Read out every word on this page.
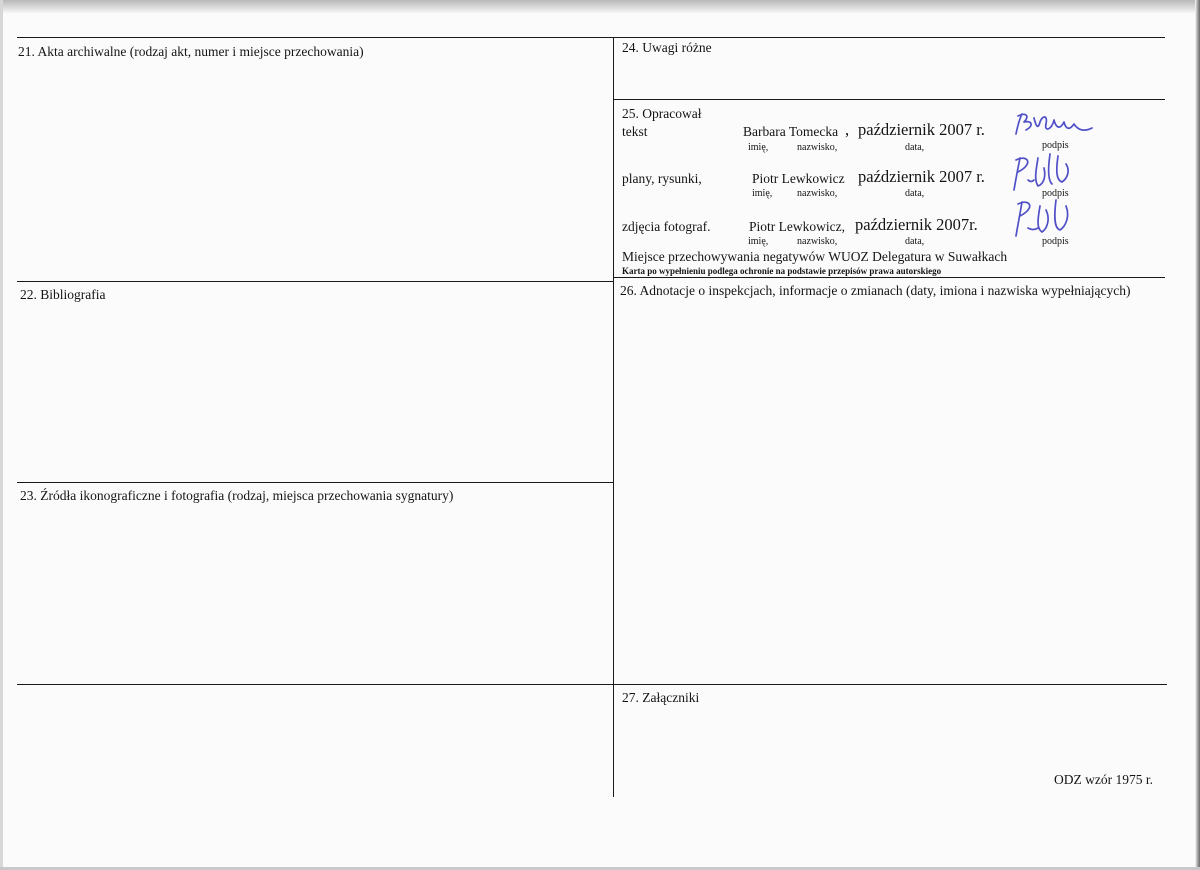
21. Akta archiwalne (rodzaj akt, numer i miejsce przechowania)
22. Bibliografia
23. Źródła ikonograficzne i fotografia (rodzaj, miejsca przechowania sygnatury)
24. Uwagi różne
25. Opracował
tekst	Barbara Tomecka , październik 2007 r.
imię,	nazwisko,	data,	podpis
plany, rysunki,	Piotr Lewkowicz październik 2007 r.
imię, nazwisko,	data,	podpis
zdjęcia fotograf.	Piotr Lewkowicz, październik 2007r.
imię,	nazwisko,	data,	podpis
Miejsce przechowywania negatywów WUOZ Delegatura w Suwałkach
Karta po wypełnieniu podlega ochronie na podstawie przepisów prawa autorskiego
26. Adnotacje o inspekcjach, informacje o zmianach (daty, imiona i nazwiska wypełniających)
27. Załączniki
ODZ wzór 1975 r.
